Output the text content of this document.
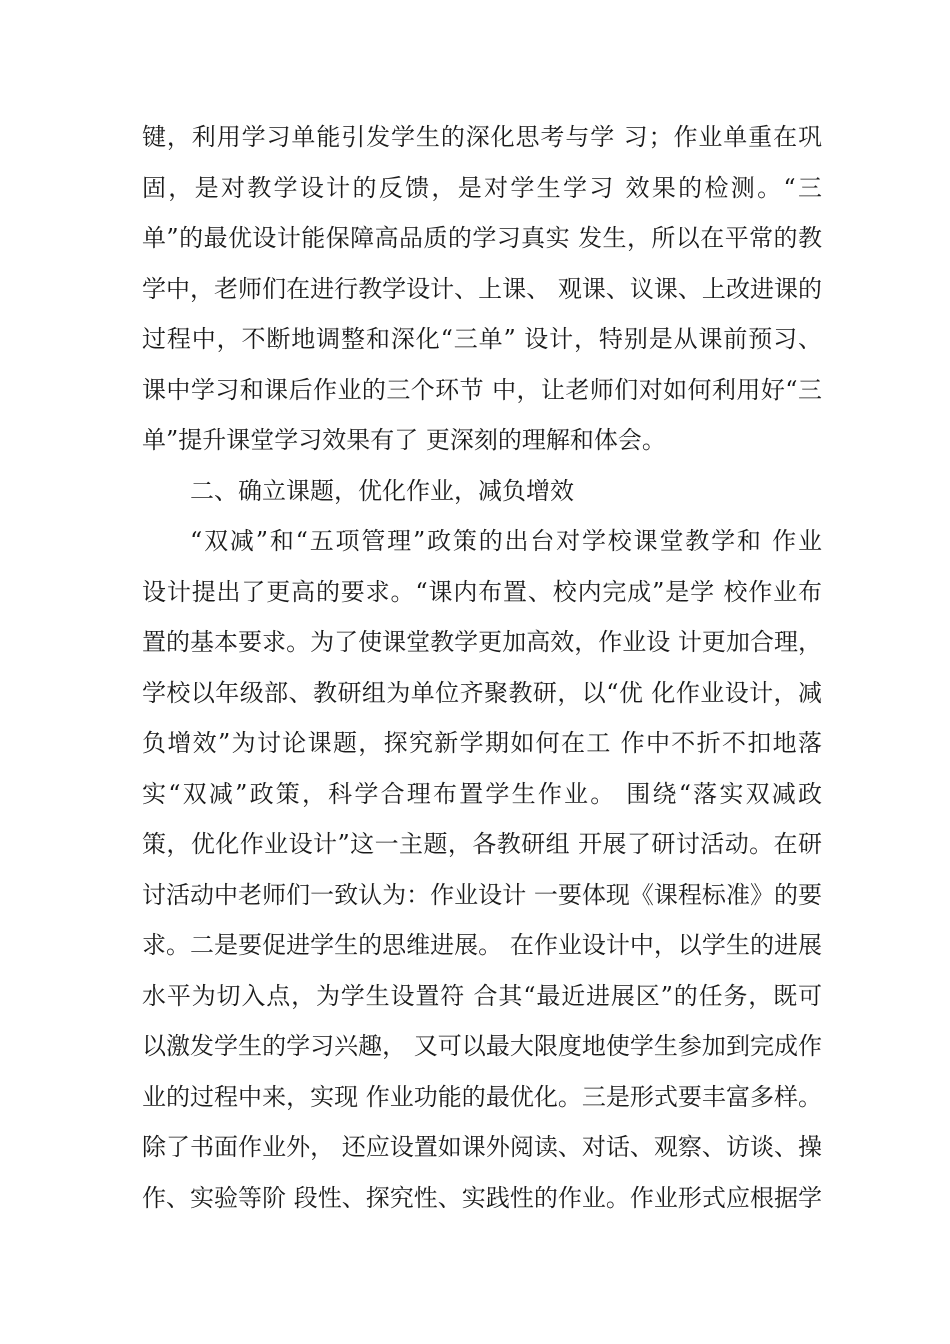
键，利用学习单能引发学生的深化思考与学 习；作业单重在巩
固，是对教学设计的反馈，是对学生学习 效果的检测。“三
单”的最优设计能保障高品质的学习真实 发生，所以在平常的教
学中，老师们在进行教学设计、上课、 观课、议课、上改进课的
过程中，不断地调整和深化“三单” 设计，特别是从课前预习、
课中学习和课后作业的三个环节 中，让老师们对如何利用好“三
单”提升课堂学习效果有了 更深刻的理解和体会。
二、确立课题，优化作业，减负增效
“双减”和“五项管理”政策的出台对学校课堂教学和 作业
设计提出了更高的要求。“课内布置、校内完成”是学 校作业布
置的基本要求。为了使课堂教学更加高效，作业设 计更加合理，
学校以年级部、教研组为单位齐聚教研，以“优 化作业设计，减
负增效”为讨论课题，探究新学期如何在工 作中不折不扣地落
实“双减”政策，科学合理布置学生作业。 围绕“落实双减政
策，优化作业设计”这一主题，各教研组 开展了研讨活动。在研
讨活动中老师们一致认为：作业设计 一要体现《课程标准》的要
求。二是要促进学生的思维进展。 在作业设计中，以学生的进展
水平为切入点，为学生设置符 合其“最近进展区”的任务，既可
以激发学生的学习兴趣， 又可以最大限度地使学生参加到完成作
业的过程中来，实现 作业功能的最优化。三是形式要丰富多样。
除了书面作业外， 还应设置如课外阅读、对话、观察、访谈、操
作、实验等阶 段性、探究性、实践性的作业。作业形式应根据学
